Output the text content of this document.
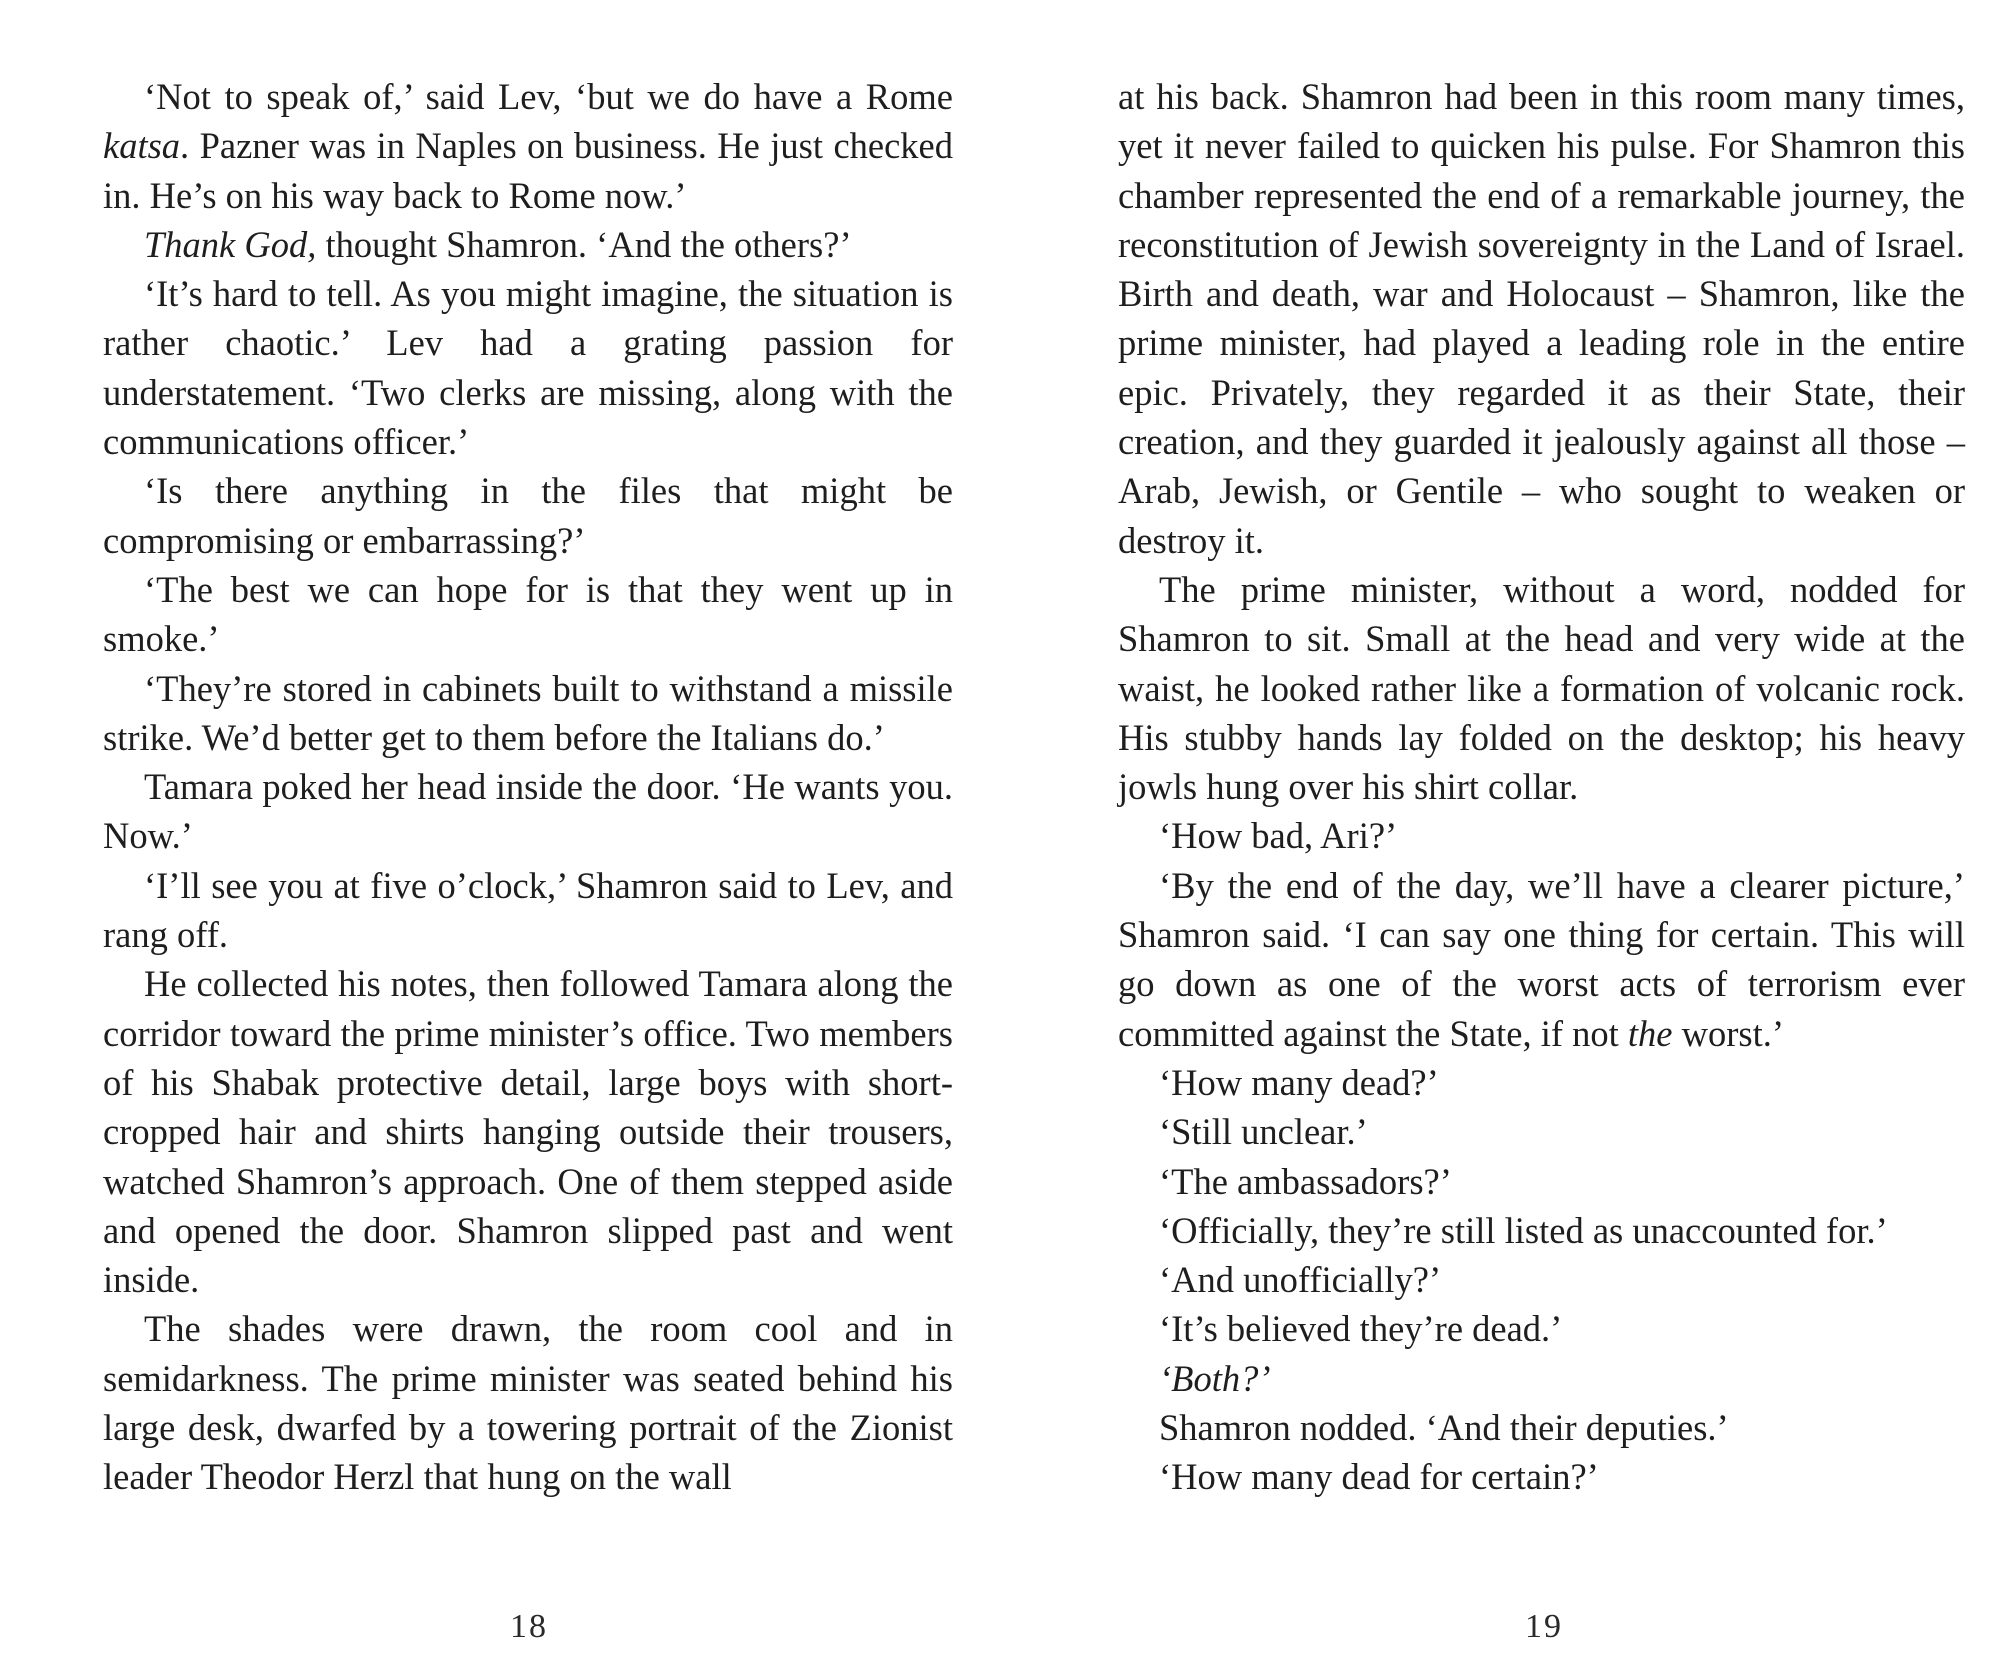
‘Not to speak of,’ said Lev, ‘but we do have a Rome katsa. Pazner was in Naples on business. He just checked in. He’s on his way back to Rome now.’

Thank God, thought Shamron. ‘And the others?’

‘It’s hard to tell. As you might imagine, the situation is rather chaotic.’ Lev had a grating passion for understatement. ‘Two clerks are missing, along with the communications officer.’

‘Is there anything in the files that might be compromising or embarrassing?’

‘The best we can hope for is that they went up in smoke.’

‘They’re stored in cabinets built to withstand a missile strike. We’d better get to them before the Italians do.’

Tamara poked her head inside the door. ‘He wants you. Now.’

‘I’ll see you at five o’clock,’ Shamron said to Lev, and rang off.

He collected his notes, then followed Tamara along the corridor toward the prime minister’s office. Two members of his Shabak protective detail, large boys with short-cropped hair and shirts hanging outside their trousers, watched Shamron’s approach. One of them stepped aside and opened the door. Shamron slipped past and went inside.

The shades were drawn, the room cool and in semidarkness. The prime minister was seated behind his large desk, dwarfed by a towering portrait of the Zionist leader Theodor Herzl that hung on the wall

18

at his back. Shamron had been in this room many times, yet it never failed to quicken his pulse. For Shamron this chamber represented the end of a remarkable journey, the reconstitution of Jewish sovereignty in the Land of Israel. Birth and death, war and Holocaust – Shamron, like the prime minister, had played a leading role in the entire epic. Privately, they regarded it as their State, their creation, and they guarded it jealously against all those – Arab, Jewish, or Gentile – who sought to weaken or destroy it.

The prime minister, without a word, nodded for Shamron to sit. Small at the head and very wide at the waist, he looked rather like a formation of volcanic rock. His stubby hands lay folded on the desktop; his heavy jowls hung over his shirt collar.

‘How bad, Ari?’

‘By the end of the day, we’ll have a clearer picture,’ Shamron said. ‘I can say one thing for certain. This will go down as one of the worst acts of terrorism ever committed against the State, if not the worst.’

‘How many dead?’

‘Still unclear.’

‘The ambassadors?’

‘Officially, they’re still listed as unaccounted for.’

‘And unofficially?’

‘It’s believed they’re dead.’

‘Both?’

Shamron nodded. ‘And their deputies.’

‘How many dead for certain?’

19
